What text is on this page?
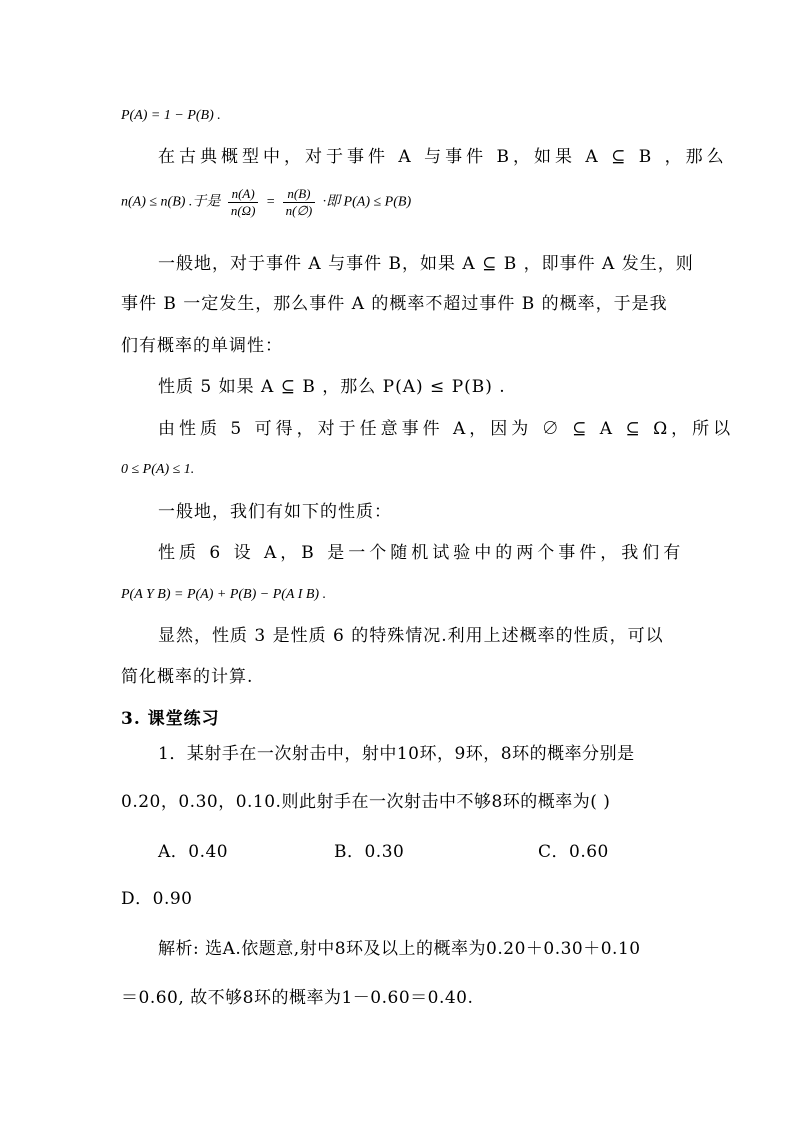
P(A) = 1 − P(B) .
在古典概型中，对于事件 A 与事件 B，如果 A ⊆ B ，那么
n(A) ≤ n(B) .于是 $\frac{n(A)}{n(\Omega)} = \frac{n(B)}{n(\emptyset)}$ ·即 P(A) ≤ P(B)
一般地，对于事件 A 与事件 B，如果 A ⊆ B ，即事件 A 发生，则
事件 B 一定发生，那么事件 A 的概率不超过事件 B 的概率，于是我
们有概率的单调性：
性质 5 如果 A ⊆ B ，那么 P(A) ≤ P(B) .
由性质 5 可得，对于任意事件 A，因为 ∅ ⊆ A ⊆ Ω，所以
0 ≤ P(A) ≤ 1.
一般地，我们有如下的性质：
性质 6 设 A，B 是一个随机试验中的两个事件，我们有
P(A Y B) = P(A) + P(B) − P(A I B) .
显然，性质 3 是性质 6 的特殊情况.利用上述概率的性质，可以
简化概率的计算.
3. 课堂练习
1．某射手在一次射击中，射中10环，9环，8环的概率分别是
0.20，0.30，0.10.则此射手在一次射击中不够8环的概率为( )
A．0.40	B．0.30	C．0.60
D．0.90
解析: 选A.依题意,射中8环及以上的概率为0.20＋0.30＋0.10
＝0.60, 故不够8环的概率为1－0.60＝0.40.
